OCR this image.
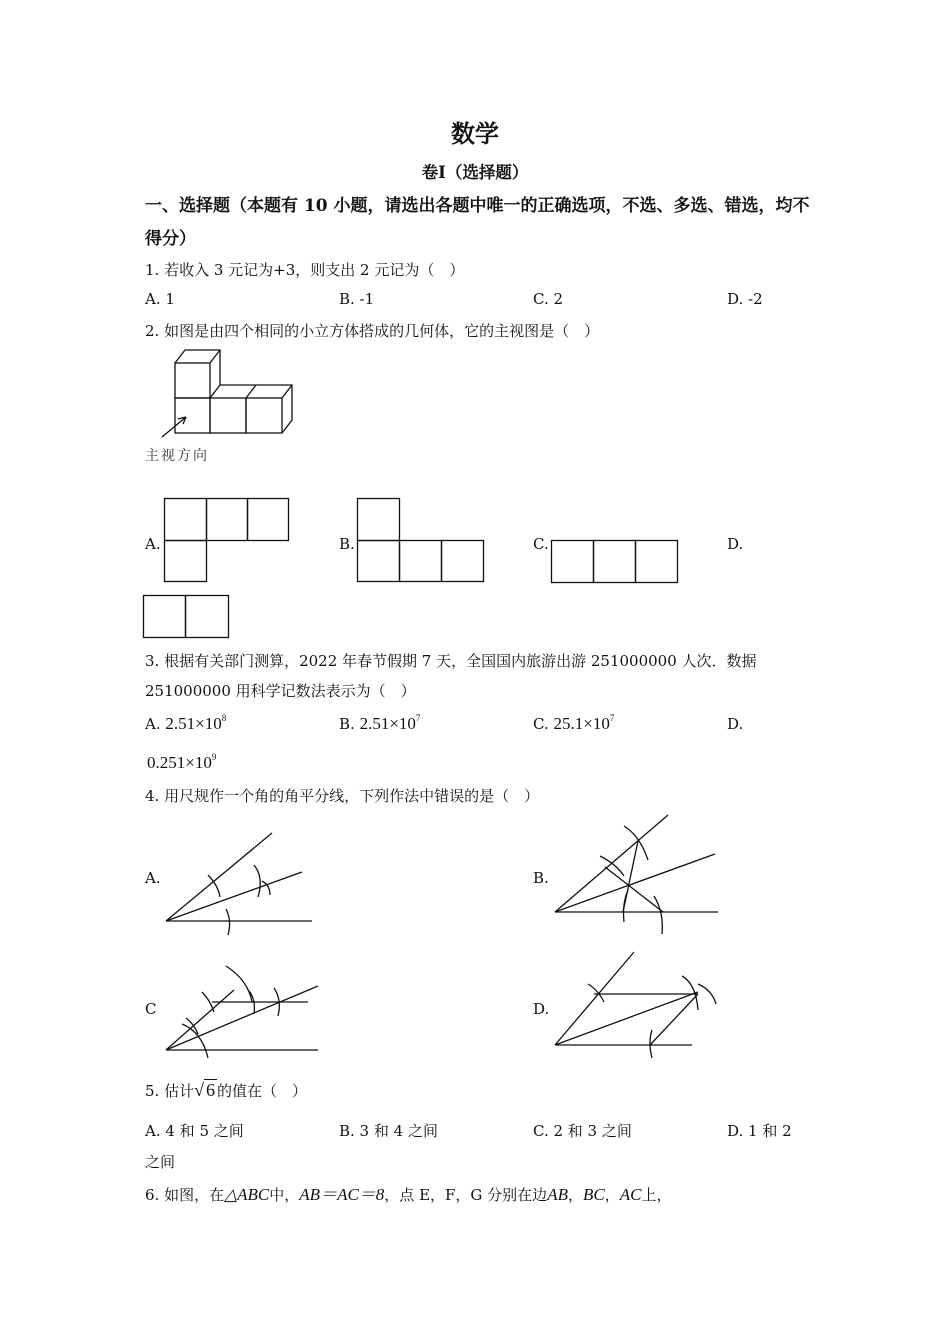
数学
卷Ⅰ（选择题）
一、选择题（本题有 10 小题，请选出各题中唯一的正确选项，不选、多选、错选，均不得分）
1. 若收入 3 元记为+3，则支出 2 元记为（　）
A. 1	B. -1	C. 2	D. -2
2. 如图是由四个相同的小立方体搭成的几何体，它的主视图是（　）
主视方向
A.	B.	C.	D.
3. 根据有关部门测算，2022 年春节假期 7 天，全国国内旅游出游 251000000 人次．数据
251000000 用科学记数法表示为（　）
A. $2.51\times 10^8$	B. $2.51\times 10^7$	C. $25.1\times 10^7$	D.
$0.251\times 10^9$
4. 用尺规作一个角的角平分线，下列作法中错误的是（　）
A.	B.
C	D.
5. 估计√ 6 的值在（　）
A. 4 和 5 之间	B. 3 和 4 之间	C. 2 和 3 之间	D. 1 和 2
之间
6. 如图，在△ABC中，AB＝AC＝8，点 E，F，G 分别在边AB，BC，AC上，
